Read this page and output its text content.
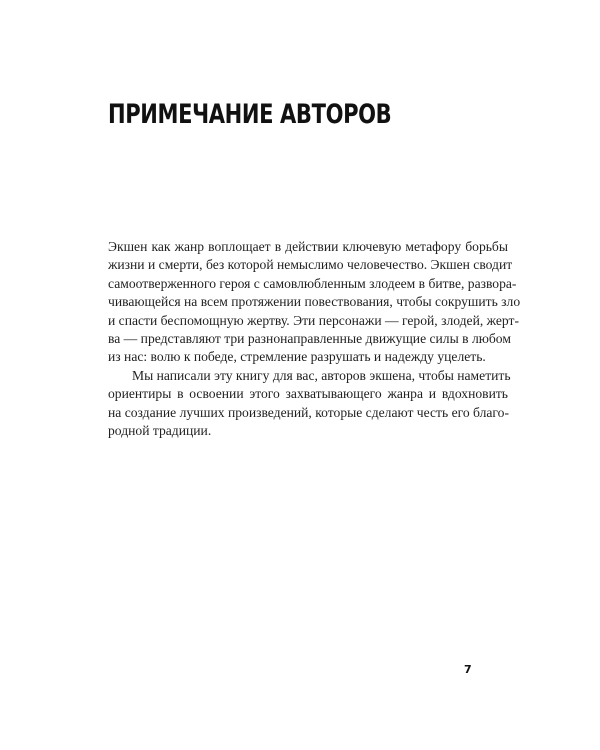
ПРИМЕЧАНИЕ АВТОРОВ
Экшен как жанр воплощает в действии ключевую метафору борьбы
жизни и смерти, без которой немыслимо человечество. Экшен сводит
самоотверженного героя с самовлюбленным злодеем в битве, развора-
чивающейся на всем протяжении повествования, чтобы сокрушить зло
и спасти беспомощную жертву. Эти персонажи — герой, злодей, жерт-
ва — представляют три разнонаправленные движущие силы в любом
из нас: волю к победе, стремление разрушать и надежду уцелеть.
Мы написали эту книгу для вас, авторов экшена, чтобы наметить
ориентиры в освоении этого захватывающего жанра и вдохновить
на создание лучших произведений, которые сделают честь его благо-
родной традиции.
7
